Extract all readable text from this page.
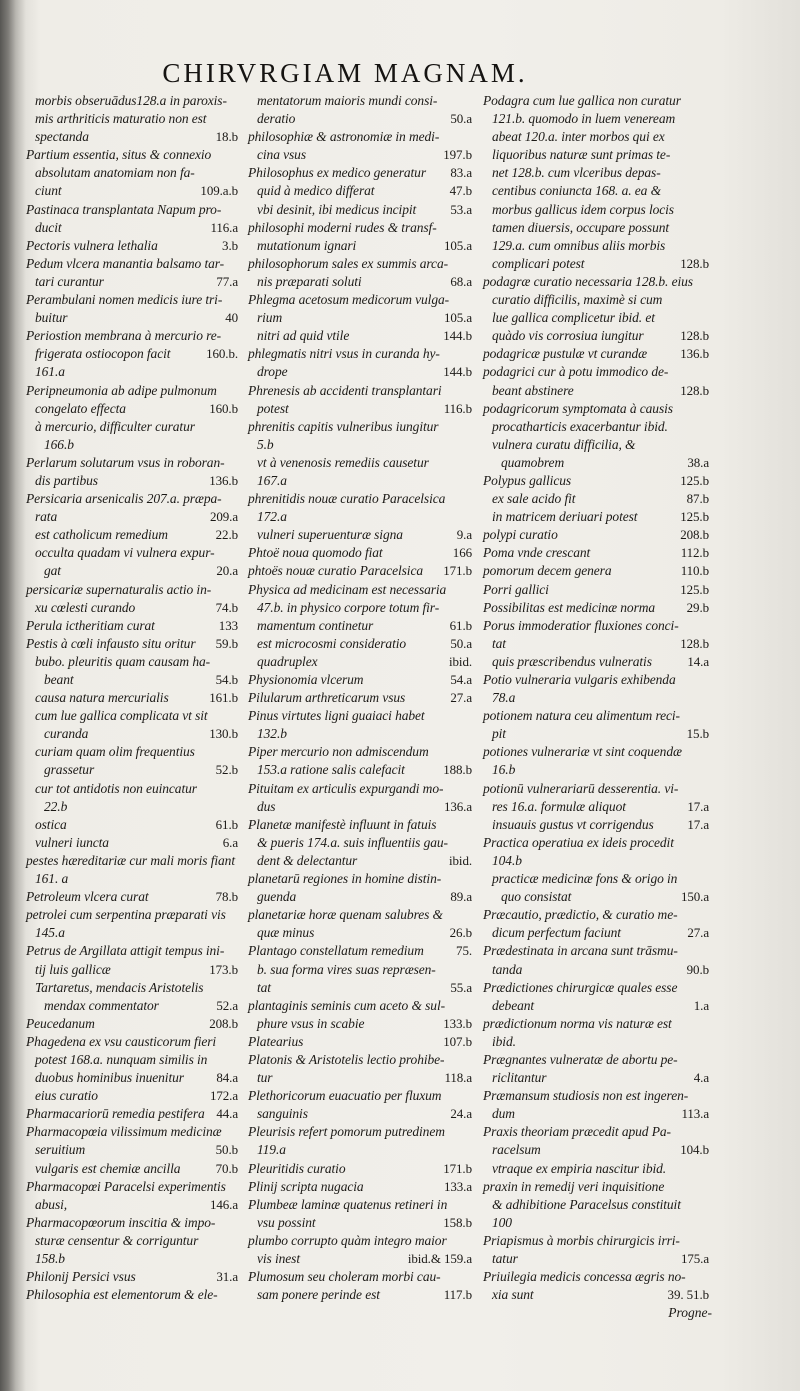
CHIRVRGIAM MAGNAM.
morbis obseruādus128.a in paroxis-
mis arthriticis maturatio non est
spectanda	18.b
Partium essentia, situs & connexio
absolutam anatomiam non fa-
ciunt	109.a.b
Pastinaca transplantata Napum pro-
ducit	116.a
Pectoris vulnera lethalia	3.b
Pedum vlcera manantia balsamo tar-
tari curantur	77.a
Perambulani nomen medicis iure tri-
buitur	40
Periostion membrana à mercurio re-
frigerata ostiocopon facit	160.b.
161.a
Peripneumonia ab adipe pulmonum
congelato effecta	160.b
à mercurio, difficulter curatur
166.b
Perlarum solutarum vsus in roboran-
dis partibus	136.b
Persicaria arsenicalis 207.a. præpa-
rata	209.a
est catholicum remedium	22.b
occulta quadam vi vulnera expur-
gat	20.a
persicariæ supernaturalis actio in-
xu cœlesti curando	74.b
Perula ictheritiam curat	133
Pestis à cœli infausto situ oritur	59.b
bubo. pleuritis quam causam ha-
beant	54.b
causa natura mercurialis	161.b
cum lue gallica complicata vt sit
curanda	130.b
curiam quam olim frequentius
grassetur	52.b
cur tot antidotis non euincatur
22.b
ostica	61.b
vulneri iuncta	6.a
pestes hæreditariæ cur mali moris fiant
161. a
Petroleum vlcera curat	78.b
petrolei cum serpentina præparati vis
145.a
Petrus de Argillata attigit tempus ini-
tij luis gallicæ	173.b
Tartaretus, mendacis Aristotelis
mendax commentator	52.a
Peucedanum	208.b
Phagedena ex vsu causticorum fieri
potest 168.a. nunquam similis in
duobus hominibus inuenitur	84.a
eius curatio	172.a
Pharmacariorū remedia pestifera 44.a
Pharmacopœia vilissimum medicinæ
seruitium	50.b
vulgaris est chemiæ ancilla	70.b
Pharmacopœi Paracelsi experimentis
abusi,	146.a
Pharmacopœorum inscitia & impo-
sturæ censentur & corriguntur
158.b
Philonij Persici vsus	31.a
Philosophia est elementorum & ele-
mentatorum maioris mundi consi-
deratio	50.a
philosophiæ & astronomiæ in medi-
cina vsus	197.b
Philosophus ex medico generatur	83.a
quid à medico differat	47.b
vbi desinit, ibi medicus incipit	53.a
philosophi moderni rudes & transf-
mutationum ignari	105.a
philosophorum sales ex summis arca-
nis præparati soluti	68.a
Phlegma acetosum medicorum vulga-
rium	105.a
nitri ad quid vtile	144.b
phlegmatis nitri vsus in curanda hy-
drope	144.b
Phrenesis ab accidenti transplantari
potest	116.b
phrenitis capitis vulneribus iungitur
5.b
vt à venenosis remediis causetur
167.a
phrenitidis nouæ curatio Paracelsica
172.a
vulneri superuenturæ signa	9.a
Phtoë noua quomodo fiat	166
phtoës nouæ curatio Paracelsica	171.b
Physica ad medicinam est necessaria
47.b. in physico corpore totum fir-
mamentum continetur	61.b
est microcosmi consideratio	50.a
quadruplex	ibid.
Physionomia vlcerum	54.a
Pilularum arthreticarum vsus	27.a
Pinus virtutes ligni guaiaci habet
132.b
Piper mercurio non admiscendum
153.a ratione salis calefacit	188.b
Pituitam ex articulis expurgandi mo-
dus	136.a
Planetæ manifestè influunt in fatuis
& pueris 174.a. suis influentiis gau-
dent & delectantur	ibid.
planetarū regiones in homine distin-
guenda	89.a
planetariæ horæ quenam salubres &
quæ minus	26.b
Plantago constellatum remedium	75.
b. sua forma vires suas repræsen-
tat	55.a
plantaginis seminis cum aceto & sul-
phure vsus in scabie	133.b
Platearius	107.b
Platonis & Aristotelis lectio prohibe-
tur	118.a
Plethoricorum euacuatio per fluxum
sanguinis	24.a
Pleurisis refert pomorum putredinem
119.a
Pleuritidis curatio	171.b
Plinij scripta nugacia	133.a
Plumbeæ laminæ quatenus retineri in
vsu possint	158.b
plumbo corrupto quàm integro maior
vis inest	ibid.& 159.a
Plumosum seu choleram morbi cau-
sam ponere perinde est	117.b
Podagra cum lue gallica non curatur
121.b. quomodo in luem veneream
abeat 120.a. inter morbos qui ex
liquoribus naturæ sunt primas te-
net 128.b. cum vlceribus depas-
centibus coniuncta 168. a. ea &
morbus gallicus idem corpus locis
tamen diuersis, occupare possunt
129.a. cum omnibus aliis morbis
complicari potest	128.b
podagræ curatio necessaria 128.b. eius
curatio difficilis, maximè si cum
lue gallica complicetur ibid. et
quàdo vis corrosiua iungitur	128.b
podagricæ pustulæ vt curandæ	136.b
podagrici cur à potu immodico de-
beant abstinere	128.b
podagricorum symptomata à causis
procatharticis exacerbantur ibid.
vulnera curatu difficilia, &
quamobrem	38.a
Polypus gallicus	125.b
ex sale acido fit	87.b
in matricem deriuari potest	125.b
polypi curatio	208.b
Poma vnde crescant	112.b
pomorum decem genera	110.b
Porri gallici	125.b
Possibilitas est medicinæ norma	29.b
Porus immoderatior fluxiones conci-
tat	128.b
quis præscribendus vulneratis	14.a
Potio vulneraria vulgaris exhibenda
78.a
potionem natura ceu alimentum reci-
pit	15.b
potiones vulnerariæ vt sint coquendæ
16.b
potionū vulnerariarū desserentia. vi-
res 16.a. formulæ aliquot	17.a
insuauis gustus vt corrigendus	17.a
Practica operatiua ex ideis procedit
104.b
practicæ medicinæ fons & origo in
quo consistat	150.a
Præcautio, prædictio, & curatio me-
dicum perfectum faciunt	27.a
Prædestinata in arcana sunt trāsmu-
tanda	90.b
Prædictiones chirurgicæ quales esse
debeant	1.a
prædictionum norma vis naturæ est
ibid.
Prægnantes vulneratæ de abortu pe-
riclitantur	4.a
Præmansum studiosis non est ingeren-
dum	113.a
Praxis theoriam præcedit apud Pa-
racelsum	104.b
vtraque ex empiria nascitur ibid.
praxin in remedij veri inquisitione
& adhibitione Paracelsus constituit
100
Priapismus à morbis chirurgicis irri-
tatur	175.a
Priuilegia medicis concessa ægris no-
xia sunt	39. 51.b
Progne-
